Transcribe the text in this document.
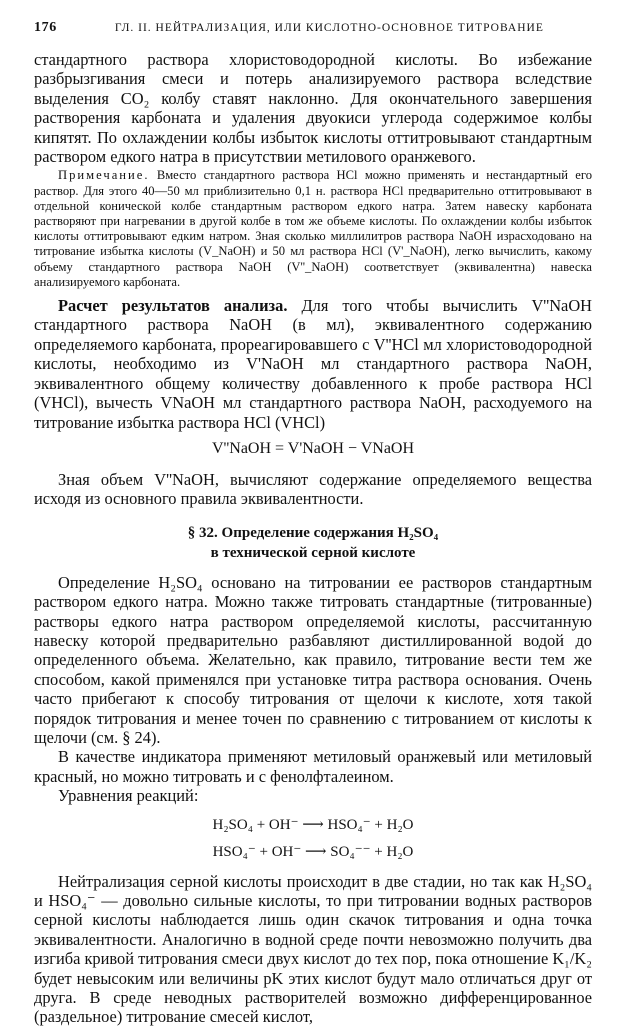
176	ГЛ. II. НЕЙТРАЛИЗАЦИЯ, ИЛИ КИСЛОТНО-ОСНОВНОЕ ТИТРОВАНИЕ

стандартного раствора хлористоводородной кислоты. Во избежание разбрызгивания смеси и потерь анализируемого раствора вследствие выделения CO₂ колбу ставят наклонно. Для окончательного завершения растворения карбоната и удаления двуокиси углерода содержимое колбы кипятят. По охлаждении колбы избыток кислоты оттитровывают стандартным раствором едкого натра в присутствии метилового оранжевого.

Примечание. Вместо стандартного раствора HCl можно применять и нестандартный его раствор. Для этого 40—50 мл приблизительно 0,1 н. раствора HCl предварительно оттитровывают в отдельной конической колбе стандартным раствором едкого натра. Затем навеску карбоната растворяют при нагревании в другой колбе в том же объеме кислоты. По охлаждении колбы избыток кислоты оттитровывают едким натром. Зная сколько миллилитров раствора NaOH израсходовано на титрование избытка кислоты (V_NaOH) и 50 мл раствора HCl (V'_NaOH), легко вычислить, какому объему стандартного раствора NaOH (V''_NaOH) соответствует (эквивалентна) навеска анализируемого карбоната.

Расчет результатов анализа. Для того чтобы вычислить V''NaOH стандартного раствора NaOH (в мл), эквивалентного содержанию определяемого карбоната, прореагировавшего с V''HCl мл хлористоводородной кислоты, необходимо из V'NaOH мл стандартного раствора NaOH, эквивалентного общему количеству добавленного к пробе раствора HCl (VHCl), вычесть VNaOH мл стандартного раствора NaOH, расходуемого на титрование избытка раствора HCl (VHCl)

V''NaOH = V'NaOH − VNaOH

Зная объем V''NaOH, вычисляют содержание определяемого вещества исходя из основного правила эквивалентности.

§ 32. Определение содержания H₂SO₄
в технической серной кислоте

Определение H₂SO₄ основано на титровании ее растворов стандартным раствором едкого натра. Можно также титровать стандартные (титрованные) растворы едкого натра раствором определяемой кислоты, рассчитанную навеску которой предварительно разбавляют дистиллированной водой до определенного объема. Желательно, как правило, титрование вести тем же способом, какой применялся при установке титра раствора основания. Очень часто прибегают к способу титрования от щелочи к кислоте, хотя такой порядок титрования и менее точен по сравнению с титрованием от кислоты к щелочи (см. § 24).

В качестве индикатора применяют метиловый оранжевый или метиловый красный, но можно титровать и с фенолфталеином.

Уравнения реакций:

H₂SO₄ + OH⁻ ⟶ HSO₄⁻ + H₂O
HSO₄⁻ + OH⁻ ⟶ SO₄⁻⁻ + H₂O

Нейтрализация серной кислоты происходит в две стадии, но так как H₂SO₄ и HSO₄⁻ — довольно сильные кислоты, то при титровании водных растворов серной кислоты наблюдается лишь один скачок титрования и одна точка эквивалентности. Аналогично в водной среде почти невозможно получить два изгиба кривой титрования смеси двух кислот до тех пор, пока отношение K₁/K₂ будет невысоким или величины pK этих кислот будут мало отличаться друг от друга. В среде неводных растворителей возможно дифференцированное (раздельное) титрование смесей кислот,
